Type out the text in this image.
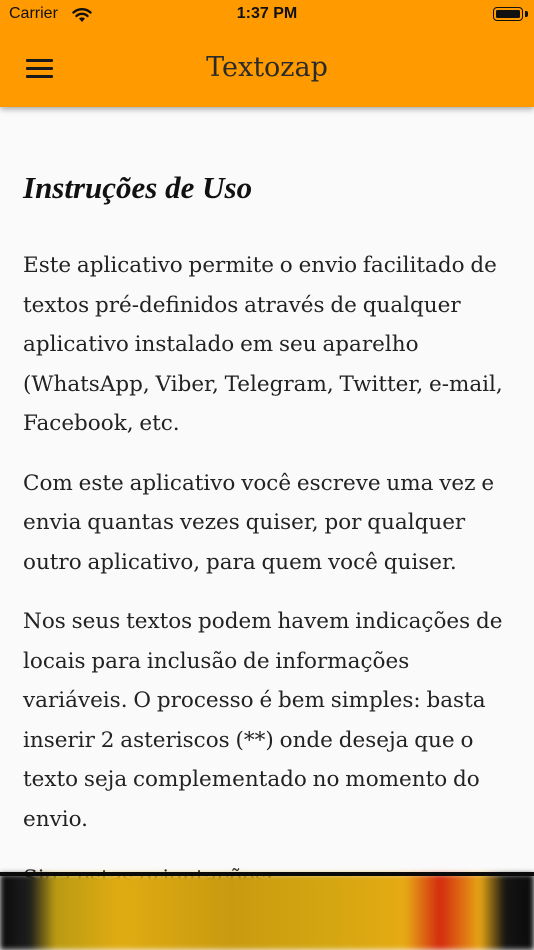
Carrier	1:37 PM
Textozap
Instruções de Uso

Este aplicativo permite o envio facilitado de textos pré-definidos através de qualquer aplicativo instalado em seu aparelho (WhatsApp, Viber, Telegram, Twitter, e-mail, Facebook, etc.

Com este aplicativo você escreve uma vez e envia quantas vezes quiser, por qualquer outro aplicativo, para quem você quiser.

Nos seus textos podem havem indicações de locais para inclusão de informações variáveis. O processo é bem simples: basta inserir 2 asteriscos (**) onde deseja que o texto seja complementado no momento do envio.
